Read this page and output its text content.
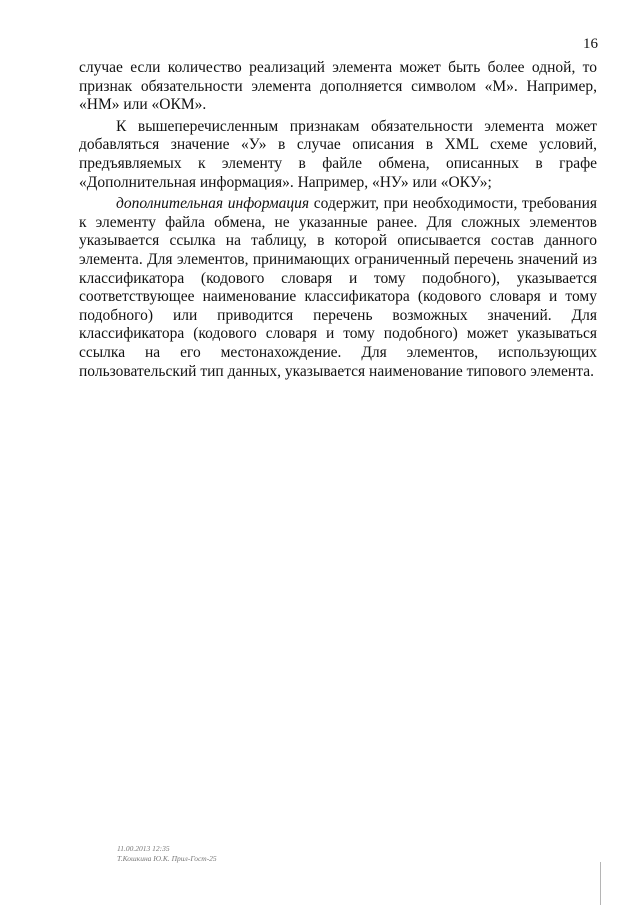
16

случае если количество реализаций элемента может быть более одной, то признак обязательности элемента дополняется символом «М». Например, «НМ» или «ОКМ».

К вышеперечисленным признакам обязательности элемента может добавляться значение «У» в случае описания в XML схеме условий, предъявляемых к элементу в файле обмена, описанных в графе «Дополнительная информация». Например, «НУ» или «ОКУ»;

дополнительная информация содержит, при необходимости, требования к элементу файла обмена, не указанные ранее. Для сложных элементов указывается ссылка на таблицу, в которой описывается состав данного элемента. Для элементов, принимающих ограниченный перечень значений из классификатора (кодового словаря и тому подобного), указывается соответствующее наименование классификатора (кодового словаря и тому подобного) или приводится перечень возможных значений. Для классификатора (кодового словаря и тому подобного) может указываться ссылка на его местонахождение. Для элементов, использующих пользовательский тип данных, указывается наименование типового элемента.

11.00.2013 12:35
Т.Кошкина Ю.К. Прил-Гост-25
